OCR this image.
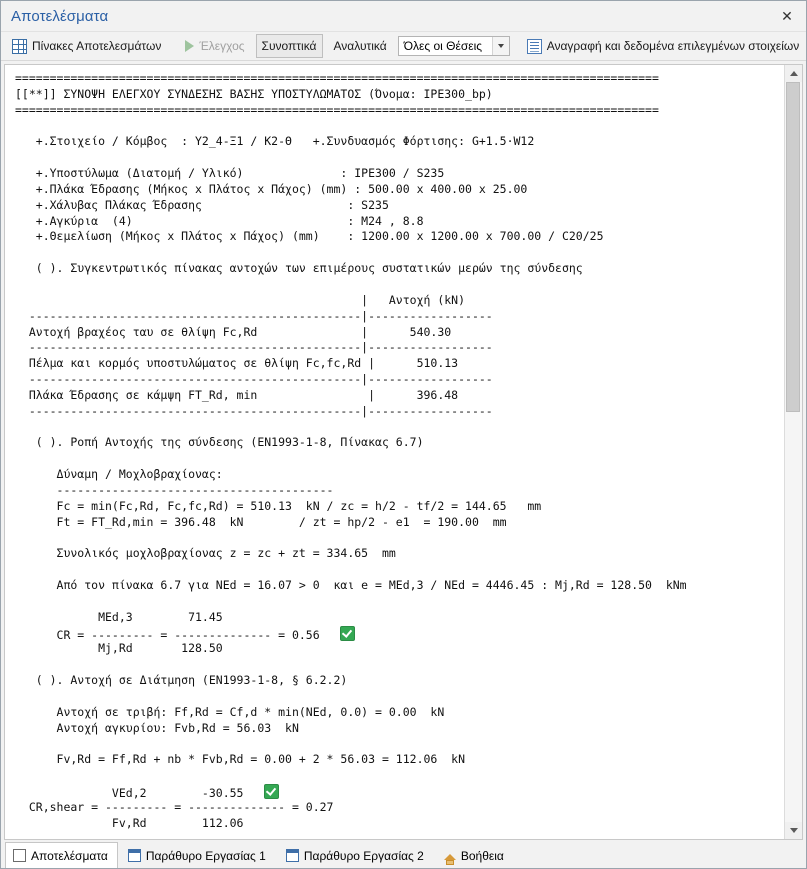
Αποτελέσματα	✕
Πίνακες Αποτελεσμάτων	Έλεγχος Συνοπτικά Αναλυτικά Όλες οι Θέσεις	Αναγραφή και δεδομένα επιλεγμένων στοιχείων
=============================================================================================
[[**]] ΣΥΝΟΨΗ ΕΛΕΓΧΟΥ ΣΥΝΔΕΣΗΣ ΒΑΣΗΣ ΥΠΟΣΤΥΛΩΜΑΤΟΣ (Όνομα: IPE300_bp)
=============================================================================================
+.Στοιχείο / Κόμβος  : Y2_4-Ξ1 / K2-Θ   +.Συνδυασμός Φόρτισης: G+1.5·W12
+.Υποστύλωμα (Διατομή / Υλικό)              : IPE300 / S235
+.Πλάκα Έδρασης (Μήκος x Πλάτος x Πάχος) (mm) : 500.00 x 400.00 x 25.00
+.Χάλυβας Πλάκας Έδρασης                     : S235
+.Αγκύρια  (4)                               : M24 , 8.8
+.Θεμελίωση (Μήκος x Πλάτος x Πάχος) (mm)    : 1200.00 x 1200.00 x 700.00 / C20/25
( ). Συγκεντρωτικός πίνακας αντοχών των επιμέρους συστατικών μερών της σύνδεσης
|   Αντοχή (kN)
------------------------------------------------|------------------
Αντοχή βραχέος ταυ σε θλίψη Fc,Rd               |      540.30
------------------------------------------------|------------------
Πέλμα και κορμός υποστυλώματος σε θλίψη Fc,fc,Rd |      510.13
------------------------------------------------|------------------
Πλάκα Έδρασης σε κάμψη FT_Rd, min                |      396.48
------------------------------------------------|------------------
( ). Ροπή Αντοχής της σύνδεσης (EN1993-1-8, Πίνακας 6.7)
Δύναμη / Μοχλοβραχίονας:
----------------------------------------
Fc = min(Fc,Rd, Fc,fc,Rd) = 510.13  kN / zc = h/2 - tf/2 = 144.65   mm
Ft = FT_Rd,min = 396.48  kN        / zt = hp/2 - e1  = 190.00  mm
Συνολικός μοχλοβραχίονας z = zc + zt = 334.65  mm
Από τον πίνακα 6.7 για NEd = 16.07 > 0  και e = MEd,3 / NEd = 4446.45 : Mj,Rd = 128.50  kNm
MEd,3        71.45
CR = --------- = -------------- = 0.56
Mj,Rd       128.50
( ). Αντοχή σε Διάτμηση (EN1993-1-8, § 6.2.2)
Αντοχή σε τριβή: Ff,Rd = Cf,d * min(NEd, 0.0) = 0.00  kN
Αντοχή αγκυρίου: Fvb,Rd = 56.03  kN
Fv,Rd = Ff,Rd + nb * Fvb,Rd = 0.00 + 2 * 56.03 = 112.06  kN
VEd,2        -30.55
CR,shear = --------- = -------------- = 0.27
Fv,Rd        112.06
Αποτελέσματα	Παράθυρο Εργασίας 1	Παράθυρο Εργασίας 2	Βοήθεια
